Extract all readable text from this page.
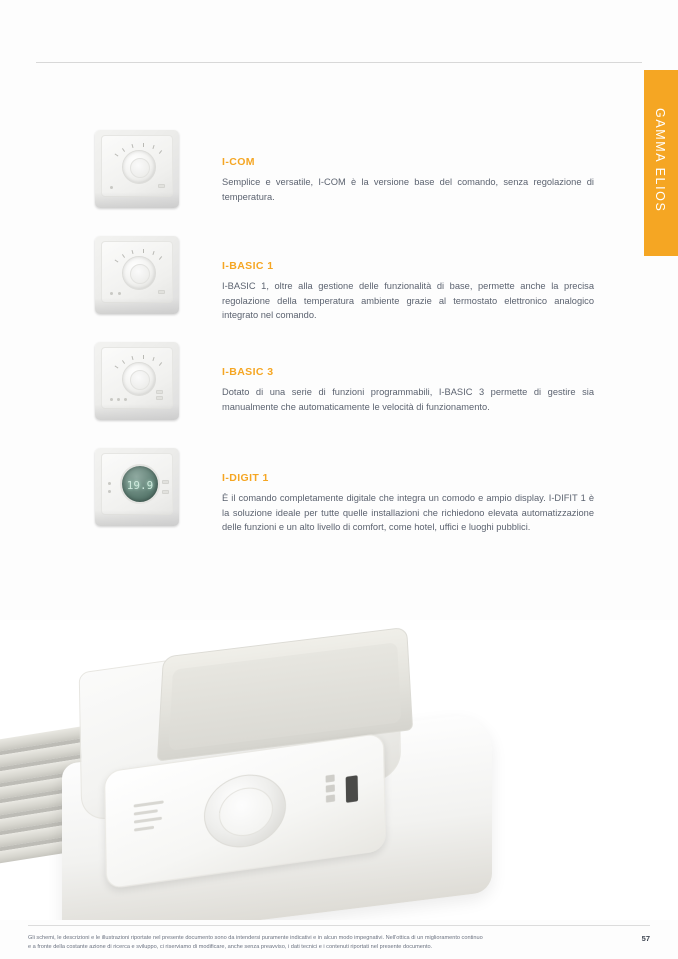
GAMMA ELIOS

I-COM

Semplice e versatile, I-COM è la versione base del comando, senza regolazione di temperatura.

I-BASIC 1

I-BASIC 1, oltre alla gestione delle funzionalità di base, permette anche la precisa regolazione della temperatura ambiente grazie al termostato elettronico analogico integrato nel comando.

I-BASIC 3

Dotato di una serie di funzioni programmabili, I-BASIC 3 permette di gestire sia manualmente che automaticamente le velocità di funzionamento.

19.9

I-DIGIT 1

È il comando completamente digitale che integra un comodo e ampio display. I-DIFIT 1 è la soluzione ideale per tutte quelle installazioni che richiedono elevata automatizzazione delle funzioni e un alto livello di comfort, come hotel, uffici e luoghi pubblici.

Gli schemi, le descrizioni e le illustrazioni riportate nel presente documento sono da intendersi puramente indicativi e in alcun modo impegnativi. Nell'ottica di un miglioramento continuo

e a fronte della costante azione di ricerca e sviluppo, ci riserviamo di modificare, anche senza preavviso, i dati tecnici e i contenuti riportati nel presente documento.

57
